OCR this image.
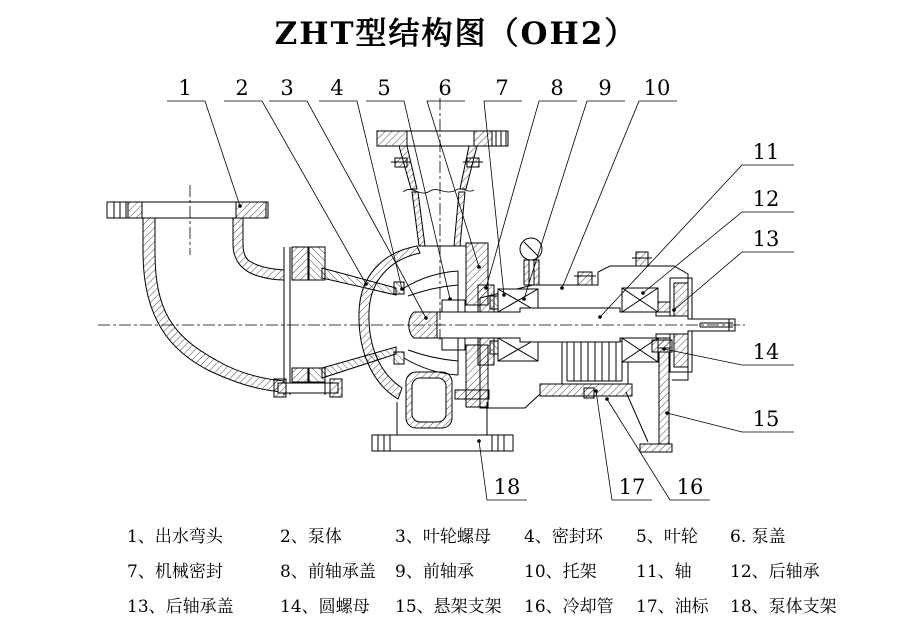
ZHT型结构图（OH2）
1 2 3 4 5 6 7 8 9 10
11
12
13
14
15
18	17 16
1、出水弯头	2、泵体	3、叶轮螺母	4、密封环	5、叶轮	6. 泵盖
7、机械密封	8、前轴承盖	9、前轴承	10、托架	11、轴	12、后轴承
13、后轴承盖	14、圆螺母	15、悬架支架	16、冷却管	17、油标	18、泵体支架
